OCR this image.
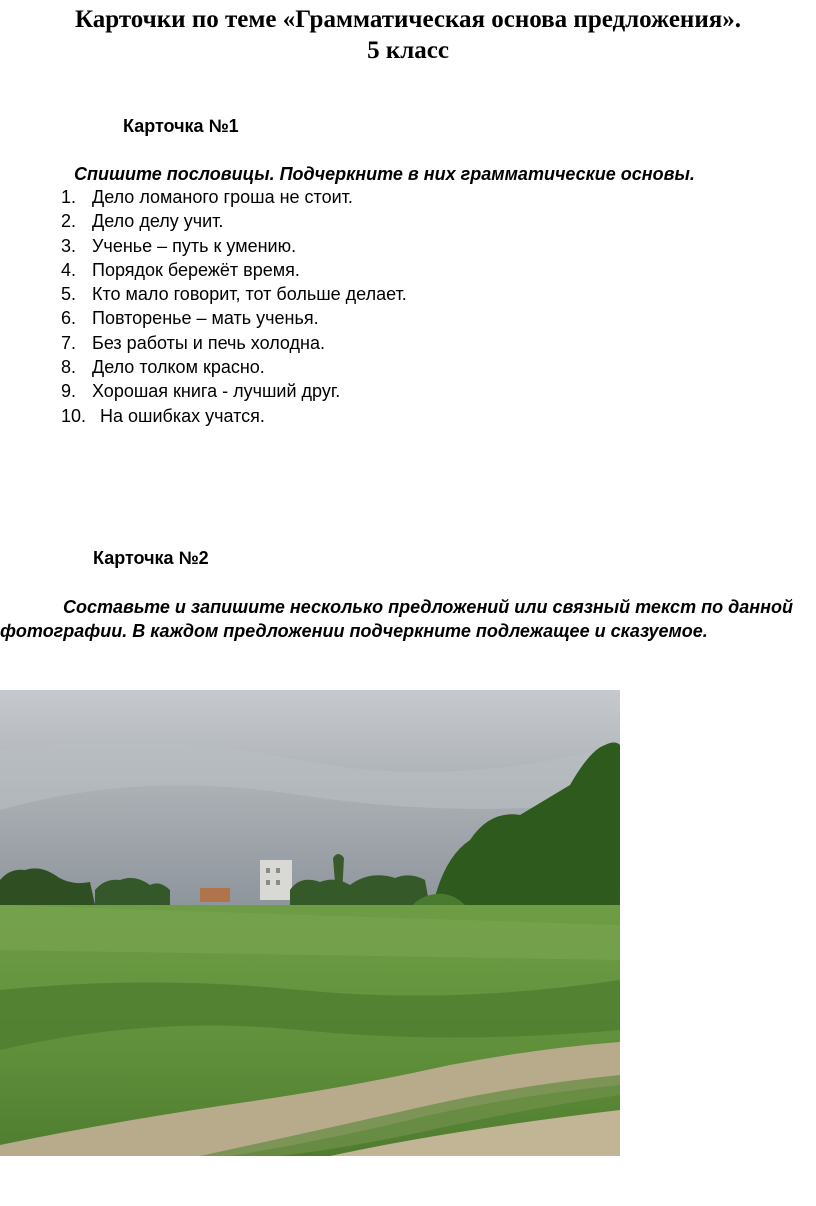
Карточки по теме «Грамматическая основа предложения».
5 класс
Карточка №1

Спишите пословицы. Подчеркните в них грамматические основы.

1. Дело ломаного гроша не стоит.
2. Дело делу учит.
3. Ученье – путь к умению.
4. Порядок бережёт время.
5. Кто мало говорит, тот больше делает.
6. Повторенье – мать ученья.
7. Без работы и печь холодна.
8. Дело толком красно.
9. Хорошая книга - лучший друг.
10. На ошибках учатся.
Карточка №2

Составьте и запишите несколько предложений или связный текст по данной фотографии. В каждом предложении подчеркните подлежащее и сказуемое.
